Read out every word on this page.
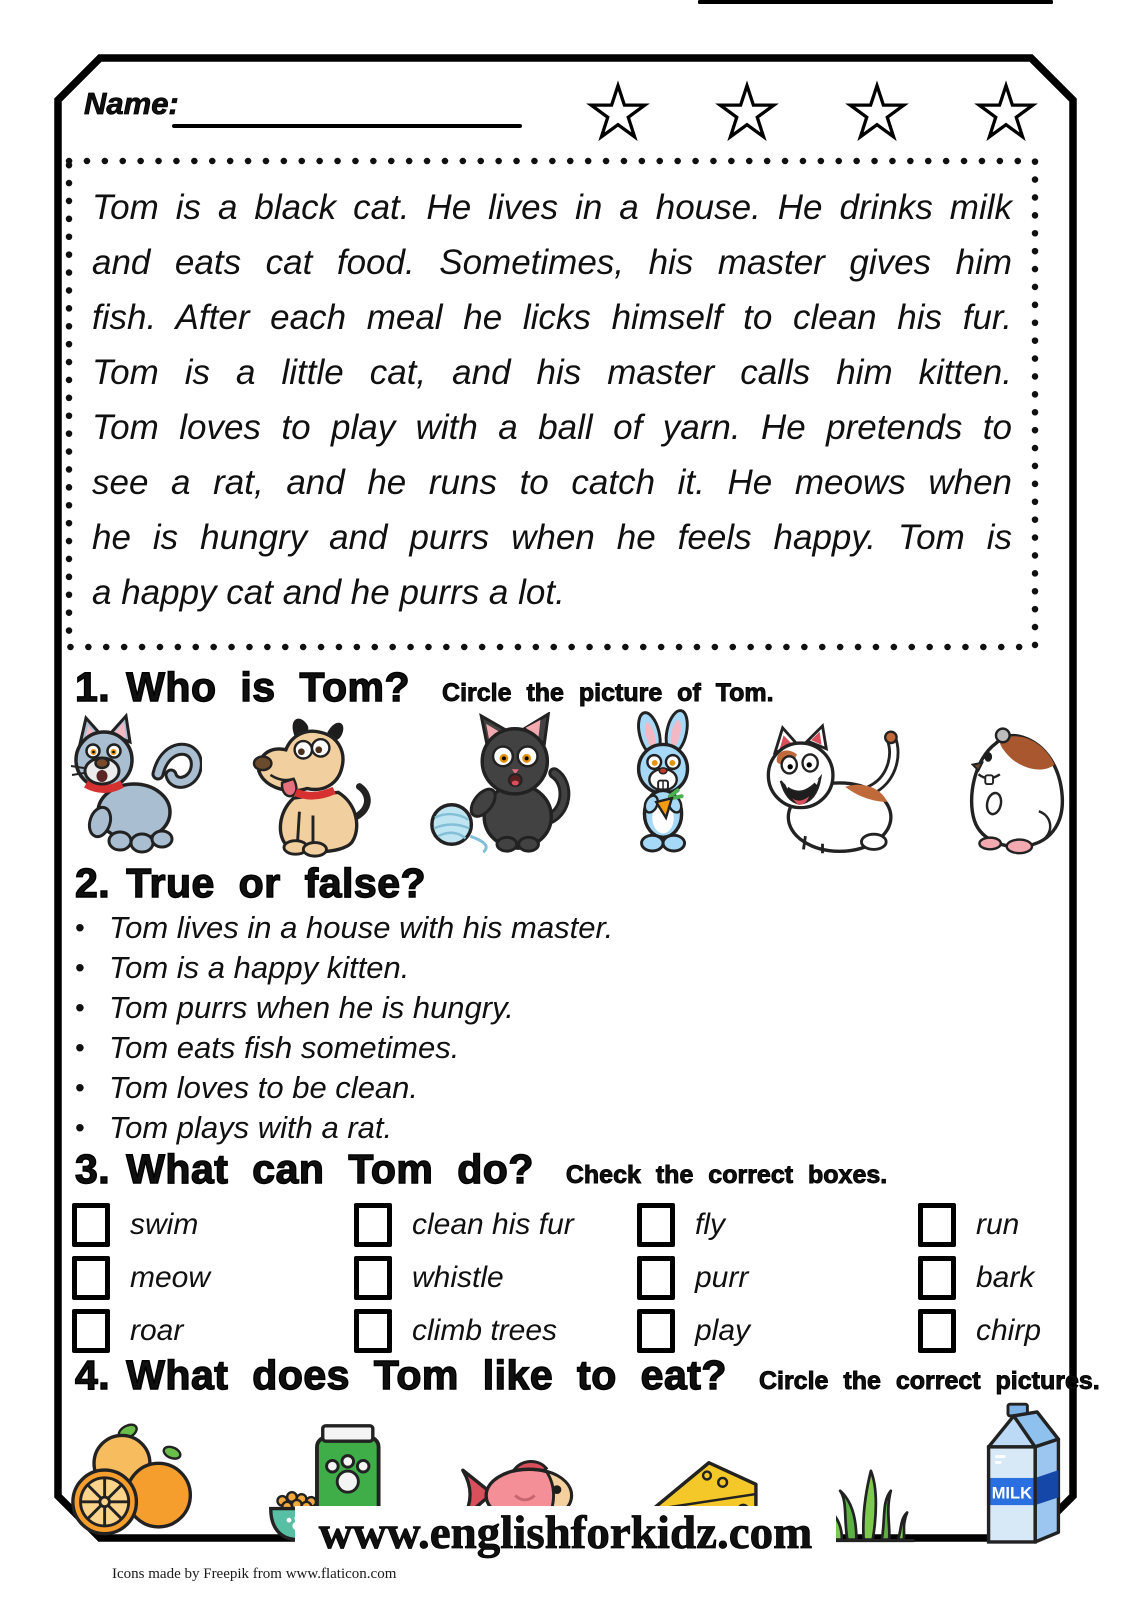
Name:
Tom is a black cat. He lives in a house. He drinks milk
and eats cat food. Sometimes, his master gives him
fish. After each meal he licks himself to clean his fur.
Tom is a little cat, and his master calls him kitten.
Tom loves to play with a ball of yarn. He pretends to
see a rat, and he runs to catch it. He meows when
he is hungry and purrs when he feels happy. Tom is
a happy cat and he purrs a lot.
1. Who is Tom? Circle the picture of Tom.
2. True or false?
• Tom lives in a house with his master.
• Tom is a happy kitten.
• Tom purrs when he is hungry.
• Tom eats fish sometimes.
• Tom loves to be clean.
• Tom plays with a rat.
3. What can Tom do? Check the correct boxes.
swim
meow
roar
clean his fur
whistle
climb trees
fly
purr
play
run
bark
chirp
4. What does Tom like to eat? Circle the correct pictures.
MILK
www.englishforkidz.com
Icons made by Freepik from www.flaticon.com
